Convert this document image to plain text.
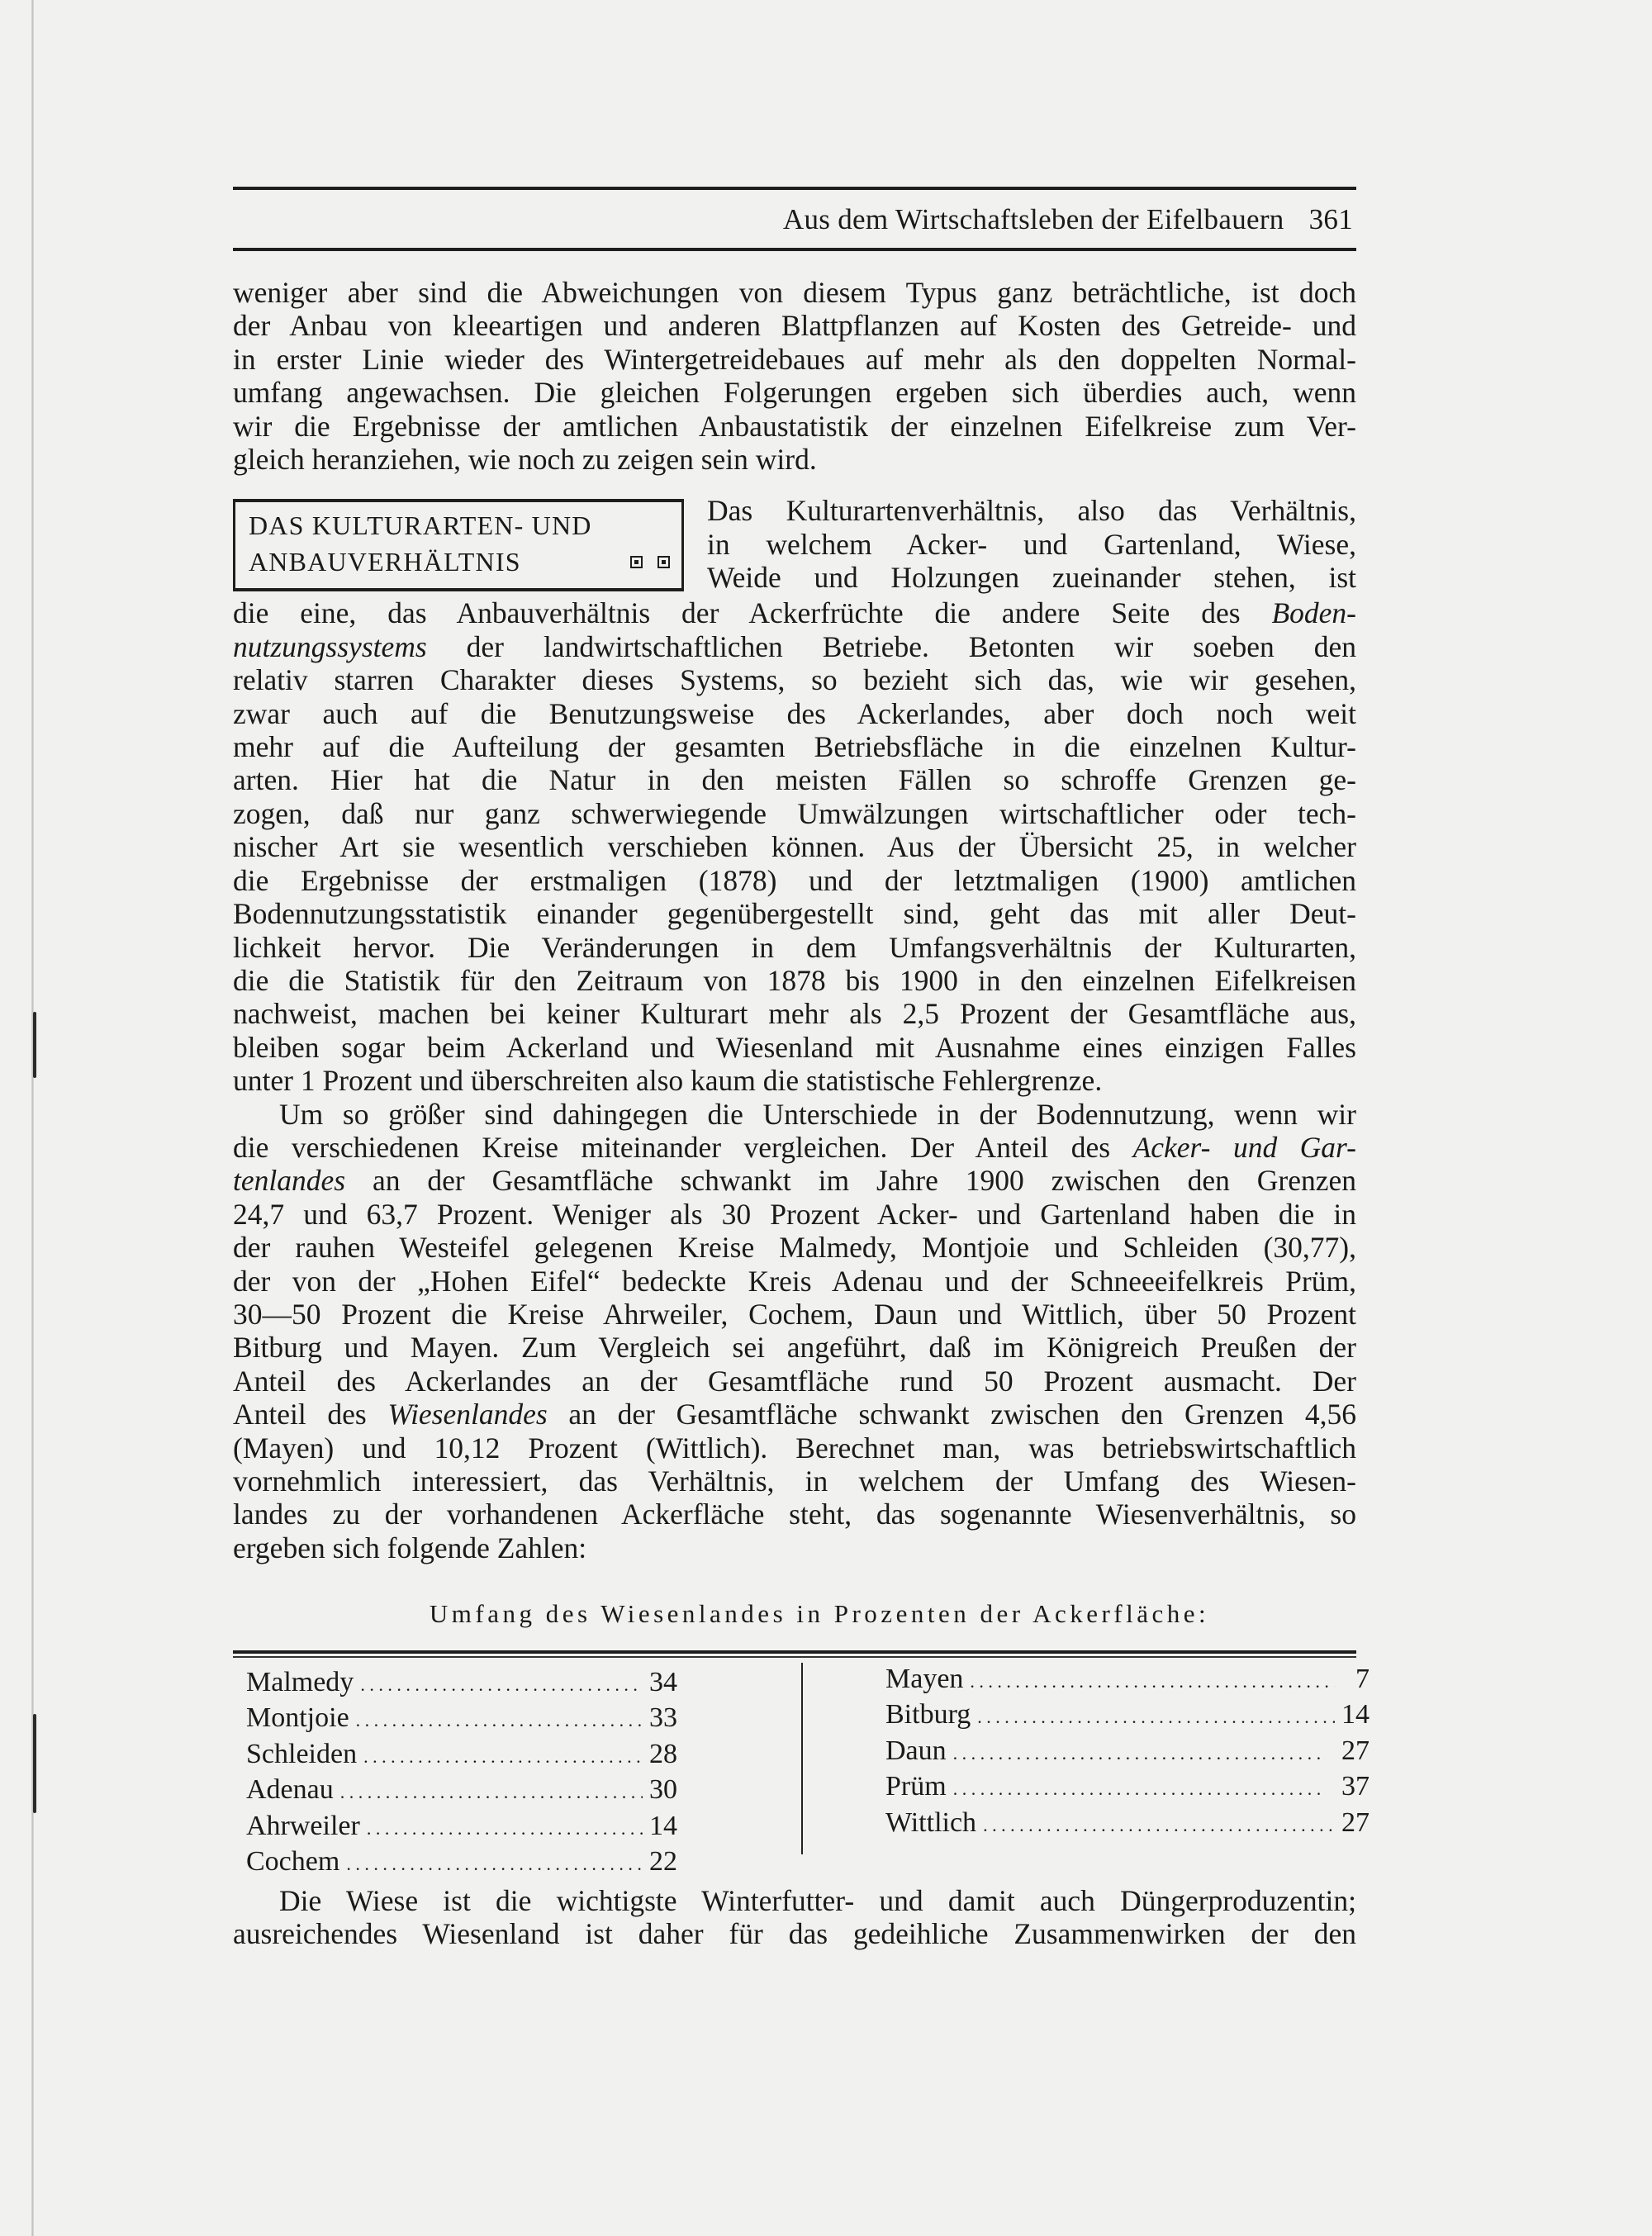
Aus dem Wirtschaftsleben der Eifelbauern 361
weniger aber sind die Abweichungen von diesem Typus ganz beträchtliche, ist doch
der Anbau von kleeartigen und anderen Blattpflanzen auf Kosten des Getreide- und
in erster Linie wieder des Wintergetreidebaues auf mehr als den doppelten Normal-
umfang angewachsen. Die gleichen Folgerungen ergeben sich überdies auch, wenn
wir die Ergebnisse der amtlichen Anbaustatistik der einzelnen Eifelkreise zum Ver-
gleich heranziehen, wie noch zu zeigen sein wird.
DAS KULTURARTEN- UND
ANBAUVERHÄLTNIS
Das Kulturartenverhältnis, also das Verhältnis,
in welchem Acker- und Gartenland, Wiese,
Weide und Holzungen zueinander stehen, ist
die eine, das Anbauverhältnis der Ackerfrüchte die andere Seite des Boden-
nutzungssystems der landwirtschaftlichen Betriebe. Betonten wir soeben den
relativ starren Charakter dieses Systems, so bezieht sich das, wie wir gesehen,
zwar auch auf die Benutzungsweise des Ackerlandes, aber doch noch weit
mehr auf die Aufteilung der gesamten Betriebsfläche in die einzelnen Kultur-
arten. Hier hat die Natur in den meisten Fällen so schroffe Grenzen ge-
zogen, daß nur ganz schwerwiegende Umwälzungen wirtschaftlicher oder tech-
nischer Art sie wesentlich verschieben können. Aus der Übersicht 25, in welcher
die Ergebnisse der erstmaligen (1878) und der letztmaligen (1900) amtlichen
Bodennutzungsstatistik einander gegenübergestellt sind, geht das mit aller Deut-
lichkeit hervor. Die Veränderungen in dem Umfangsverhältnis der Kulturarten,
die die Statistik für den Zeitraum von 1878 bis 1900 in den einzelnen Eifelkreisen
nachweist, machen bei keiner Kulturart mehr als 2,5 Prozent der Gesamtfläche aus,
bleiben sogar beim Ackerland und Wiesenland mit Ausnahme eines einzigen Falles
unter 1 Prozent und überschreiten also kaum die statistische Fehlergrenze.
Um so größer sind dahingegen die Unterschiede in der Bodennutzung, wenn wir
die verschiedenen Kreise miteinander vergleichen. Der Anteil des Acker- und Gar-
tenlandes an der Gesamtfläche schwankt im Jahre 1900 zwischen den Grenzen
24,7 und 63,7 Prozent. Weniger als 30 Prozent Acker- und Gartenland haben die in
der rauhen Westeifel gelegenen Kreise Malmedy, Montjoie und Schleiden (30,77),
der von der „Hohen Eifel“ bedeckte Kreis Adenau und der Schneeeifelkreis Prüm,
30—50 Prozent die Kreise Ahrweiler, Cochem, Daun und Wittlich, über 50 Prozent
Bitburg und Mayen. Zum Vergleich sei angeführt, daß im Königreich Preußen der
Anteil des Ackerlandes an der Gesamtfläche rund 50 Prozent ausmacht. Der
Anteil des Wiesenlandes an der Gesamtfläche schwankt zwischen den Grenzen 4,56
(Mayen) und 10,12 Prozent (Wittlich). Berechnet man, was betriebswirtschaftlich
vornehmlich interessiert, das Verhältnis, in welchem der Umfang des Wiesen-
landes zu der vorhandenen Ackerfläche steht, das sogenannte Wiesenverhältnis, so
ergeben sich folgende Zahlen:
Umfang des Wiesenlandes in Prozenten der Ackerfläche:
Malmedy . . .	34
Montjoie . . .	33
Schleiden . . .	28
Adenau . . .	30
Ahrweiler . . .	14
Cochem . . .	22
Mayen . . .	7
Bitburg . . .	14
Daun . . .	27
Prüm . . .	37
Wittlich . . .	27
Die Wiese ist die wichtigste Winterfutter- und damit auch Düngerproduzentin;
ausreichendes Wiesenland ist daher für das gedeihliche Zusammenwirken der den
